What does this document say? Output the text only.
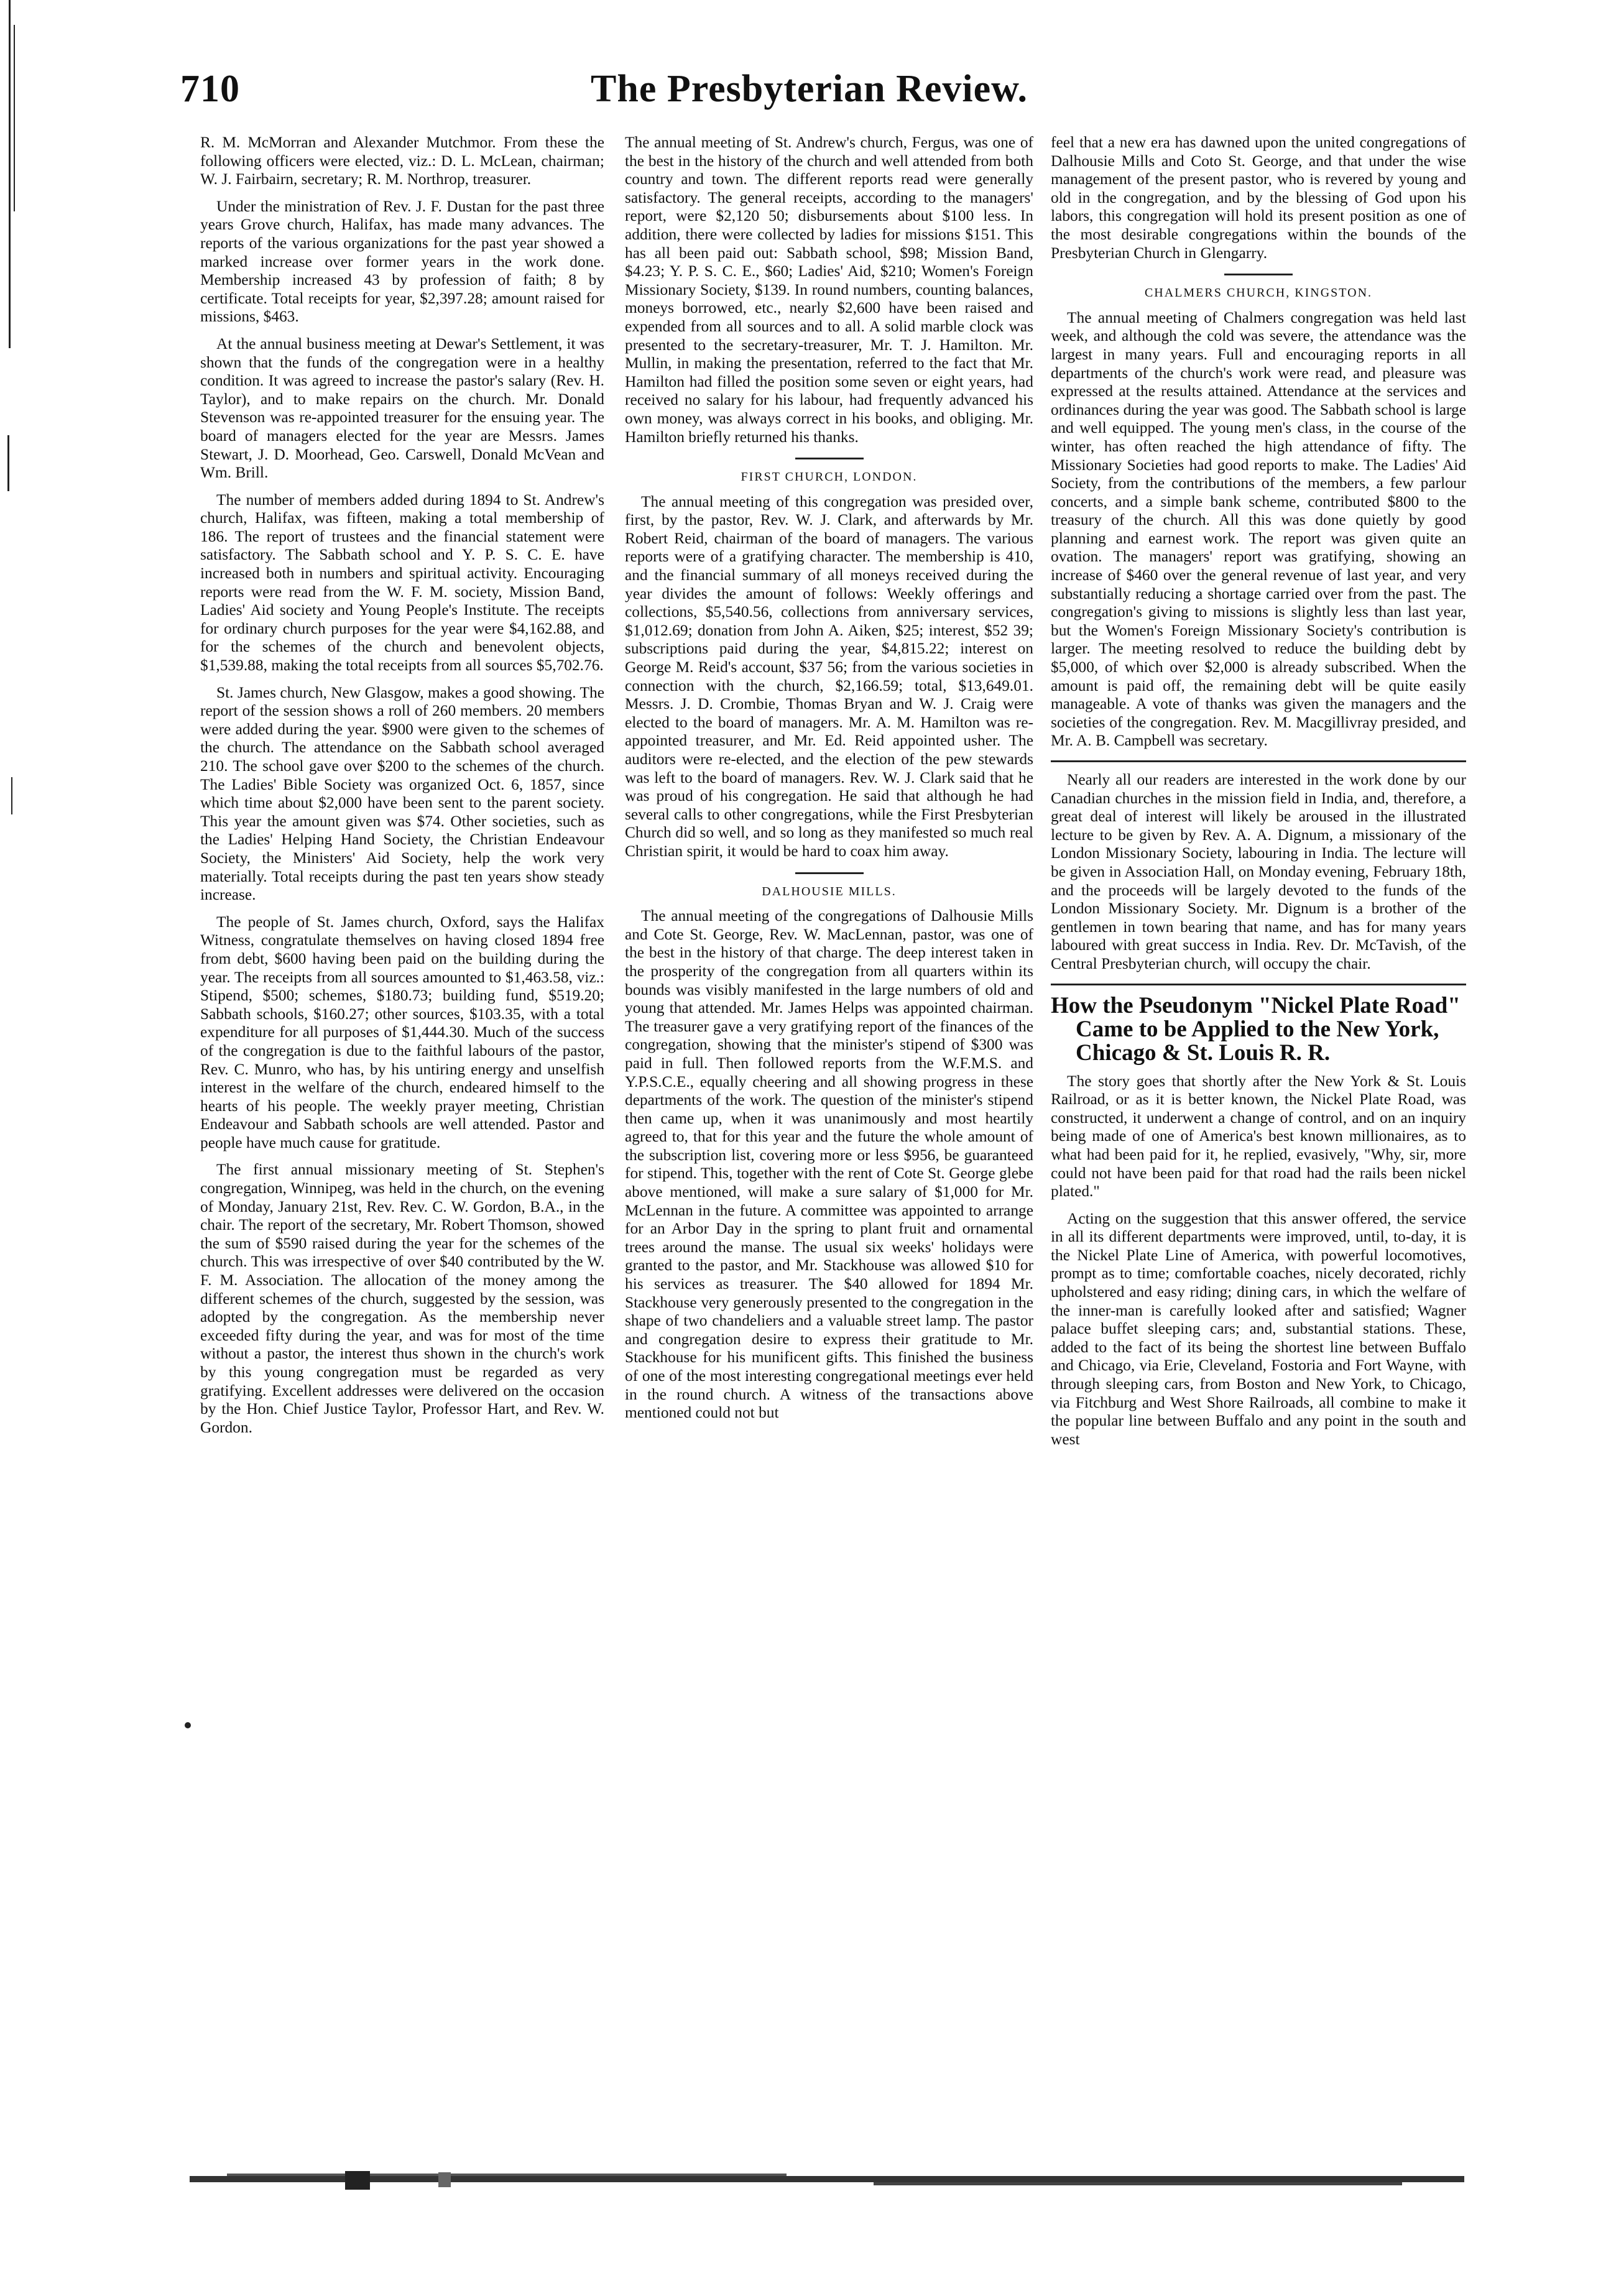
710	The Presbyterian Review.

R. M. McMorran and Alexander Mutchmor. From these the following officers were elected, viz.: D. L. McLean, chairman; W. J. Fairbairn, secretary; R. M. Northrop, treasurer.

Under the ministration of Rev. J. F. Dustan for the past three years Grove church, Halifax, has made many advances. The reports of the various organizations for the past year showed a marked increase over former years in the work done. Membership increased 43 by profession of faith; 8 by certificate. Total receipts for year, $2,397.28; amount raised for missions, $463.

At the annual business meeting at Dewar's Settlement, it was shown that the funds of the congregation were in a healthy condition. It was agreed to increase the pastor's salary (Rev. H. Taylor), and to make repairs on the church. Mr. Donald Stevenson was re-appointed treasurer for the ensuing year. The board of managers elected for the year are Messrs. James Stewart, J. D. Moorhead, Geo. Carswell, Donald McVean and Wm. Brill.

The number of members added during 1894 to St. Andrew's church, Halifax, was fifteen, making a total membership of 186. The report of trustees and the financial statement were satisfactory. The Sabbath school and Y. P. S. C. E. have increased both in numbers and spiritual activity. Encouraging reports were read from the W. F. M. society, Mission Band, Ladies' Aid society and Young People's Institute. The receipts for ordinary church purposes for the year were $4,162.88, and for the schemes of the church and benevolent objects, $1,539.88, making the total receipts from all sources $5,702.76.

St. James church, New Glasgow, makes a good showing. The report of the session shows a roll of 260 members. 20 members were added during the year. $900 were given to the schemes of the church. The attendance on the Sabbath school averaged 210. The school gave over $200 to the schemes of the church. The Ladies' Bible Society was organized Oct. 6, 1857, since which time about $2,000 have been sent to the parent society. This year the amount given was $74. Other societies, such as the Ladies' Helping Hand Society, the Christian Endeavour Society, the Ministers' Aid Society, help the work very materially. Total receipts during the past ten years show steady increase.

The people of St. James church, Oxford, says the Halifax Witness, congratulate themselves on having closed 1894 free from debt, $600 having been paid on the building during the year. The receipts from all sources amounted to $1,463.58, viz.: Stipend, $500; schemes, $180.73; building fund, $519.20; Sabbath schools, $160.27; other sources, $103.35, with a total expenditure for all purposes of $1,444.30. Much of the success of the congregation is due to the faithful labours of the pastor, Rev. C. Munro, who has, by his untiring energy and unselfish interest in the welfare of the church, endeared himself to the hearts of his people. The weekly prayer meeting, Christian Endeavour and Sabbath schools are well attended. Pastor and people have much cause for gratitude.

The first annual missionary meeting of St. Stephen's congregation, Winnipeg, was held in the church, on the evening of Monday, January 21st, Rev. Rev. C. W. Gordon, B.A., in the chair. The report of the secretary, Mr. Robert Thomson, showed the sum of $590 raised during the year for the schemes of the church. This was irrespective of over $40 contributed by the W. F. M. Association. The allocation of the money among the different schemes of the church, suggested by the session, was adopted by the congregation. As the membership never exceeded fifty during the year, and was for most of the time without a pastor, the interest thus shown in the church's work by this young congregation must be regarded as very gratifying. Excellent addresses were delivered on the occasion by the Hon. Chief Justice Taylor, Professor Hart, and Rev. W. Gordon.

The annual meeting of St. Andrew's church, Fergus, was one of the best in the history of the church and well attended from both country and town. The different reports read were generally satisfactory. The general receipts, according to the managers' report, were $2,120 50; disbursements about $100 less. In addition, there were collected by ladies for missions $151. This has all been paid out: Sabbath school, $98; Mission Band, $4.23; Y. P. S. C. E., $60; Ladies' Aid, $210; Women's Foreign Missionary Society, $139. In round numbers, counting balances, moneys borrowed, etc., nearly $2,600 have been raised and expended from all sources and to all. A solid marble clock was presented to the secretary-treasurer, Mr. T. J. Hamilton. Mr. Mullin, in making the presentation, referred to the fact that Mr. Hamilton had filled the position some seven or eight years, had received no salary for his labour, had frequently advanced his own money, was always correct in his books, and obliging. Mr. Hamilton briefly returned his thanks.

FIRST CHURCH, LONDON.

The annual meeting of this congregation was presided over, first, by the pastor, Rev. W. J. Clark, and afterwards by Mr. Robert Reid, chairman of the board of managers. The various reports were of a gratifying character. The membership is 410, and the financial summary of all moneys received during the year divides the amount of follows: Weekly offerings and collections, $5,540.56, collections from anniversary services, $1,012.69; donation from John A. Aiken, $25; interest, $52 39; subscriptions paid during the year, $4,815.22; interest on George M. Reid's account, $37 56; from the various societies in connection with the church, $2,166.59; total, $13,649.01. Messrs. J. D. Crombie, Thomas Bryan and W. J. Craig were elected to the board of managers. Mr. A. M. Hamilton was re-appointed treasurer, and Mr. Ed. Reid appointed usher. The auditors were re-elected, and the election of the pew stewards was left to the board of managers. Rev. W. J. Clark said that he was proud of his congregation. He said that although he had several calls to other congregations, while the First Presbyterian Church did so well, and so long as they manifested so much real Christian spirit, it would be hard to coax him away.

DALHOUSIE MILLS.

The annual meeting of the congregations of Dalhousie Mills and Cote St. George, Rev. W. MacLennan, pastor, was one of the best in the history of that charge. The deep interest taken in the prosperity of the congregation from all quarters within its bounds was visibly manifested in the large numbers of old and young that attended. Mr. James Helps was appointed chairman. The treasurer gave a very gratifying report of the finances of the congregation, showing that the minister's stipend of $300 was paid in full. Then followed reports from the W.F.M.S. and Y.P.S.C.E., equally cheering and all showing progress in these departments of the work. The question of the minister's stipend then came up, when it was unanimously and most heartily agreed to, that for this year and the future the whole amount of the subscription list, covering more or less $956, be guaranteed for stipend. This, together with the rent of Cote St. George glebe above mentioned, will make a sure salary of $1,000 for Mr. McLennan in the future. A committee was appointed to arrange for an Arbor Day in the spring to plant fruit and ornamental trees around the manse. The usual six weeks' holidays were granted to the pastor, and Mr. Stackhouse was allowed $10 for his services as treasurer. The $40 allowed for 1894 Mr. Stackhouse very generously presented to the congregation in the shape of two chandeliers and a valuable street lamp. The pastor and congregation desire to express their gratitude to Mr. Stackhouse for his munificent gifts. This finished the business of one of the most interesting congregational meetings ever held in the round church. A witness of the transactions above mentioned could not but

feel that a new era has dawned upon the united congregations of Dalhousie Mills and Coto St. George, and that under the wise management of the present pastor, who is revered by young and old in the congregation, and by the blessing of God upon his labors, this congregation will hold its present position as one of the most desirable congregations within the bounds of the Presbyterian Church in Glengarry.

CHALMERS CHURCH, KINGSTON.

The annual meeting of Chalmers congregation was held last week, and although the cold was severe, the attendance was the largest in many years. Full and encouraging reports in all departments of the church's work were read, and pleasure was expressed at the results attained. Attendance at the services and ordinances during the year was good. The Sabbath school is large and well equipped. The young men's class, in the course of the winter, has often reached the high attendance of fifty. The Missionary Societies had good reports to make. The Ladies' Aid Society, from the contributions of the members, a few parlour concerts, and a simple bank scheme, contributed $800 to the treasury of the church. All this was done quietly by good planning and earnest work. The report was given quite an ovation. The managers' report was gratifying, showing an increase of $460 over the general revenue of last year, and very substantially reducing a shortage carried over from the past. The congregation's giving to missions is slightly less than last year, but the Women's Foreign Missionary Society's contribution is larger. The meeting resolved to reduce the building debt by $5,000, of which over $2,000 is already subscribed. When the amount is paid off, the remaining debt will be quite easily manageable. A vote of thanks was given the managers and the societies of the congregation. Rev. M. Macgillivray presided, and Mr. A. B. Campbell was secretary.

Nearly all our readers are interested in the work done by our Canadian churches in the mission field in India, and, therefore, a great deal of interest will likely be aroused in the illustrated lecture to be given by Rev. A. A. Dignum, a missionary of the London Missionary Society, labouring in India. The lecture will be given in Association Hall, on Monday evening, February 18th, and the proceeds will be largely devoted to the funds of the London Missionary Society. Mr. Dignum is a brother of the gentlemen in town bearing that name, and has for many years laboured with great success in India. Rev. Dr. McTavish, of the Central Presbyterian church, will occupy the chair.

How the Pseudonym "Nickel Plate Road" Came to be Applied to the New York, Chicago & St. Louis R. R.

The story goes that shortly after the New York & St. Louis Railroad, or as it is better known, the Nickel Plate Road, was constructed, it underwent a change of control, and on an inquiry being made of one of America's best known millionaires, as to what had been paid for it, he replied, evasively, "Why, sir, more could not have been paid for that road had the rails been nickel plated."

Acting on the suggestion that this answer offered, the service in all its different departments were improved, until, to-day, it is the Nickel Plate Line of America, with powerful locomotives, prompt as to time; comfortable coaches, nicely decorated, richly upholstered and easy riding; dining cars, in which the welfare of the inner-man is carefully looked after and satisfied; Wagner palace buffet sleeping cars; and, substantial stations. These, added to the fact of its being the shortest line between Buffalo and Chicago, via Erie, Cleveland, Fostoria and Fort Wayne, with through sleeping cars, from Boston and New York, to Chicago, via Fitchburg and West Shore Railroads, all combine to make it the popular line between Buffalo and any point in the south and west
